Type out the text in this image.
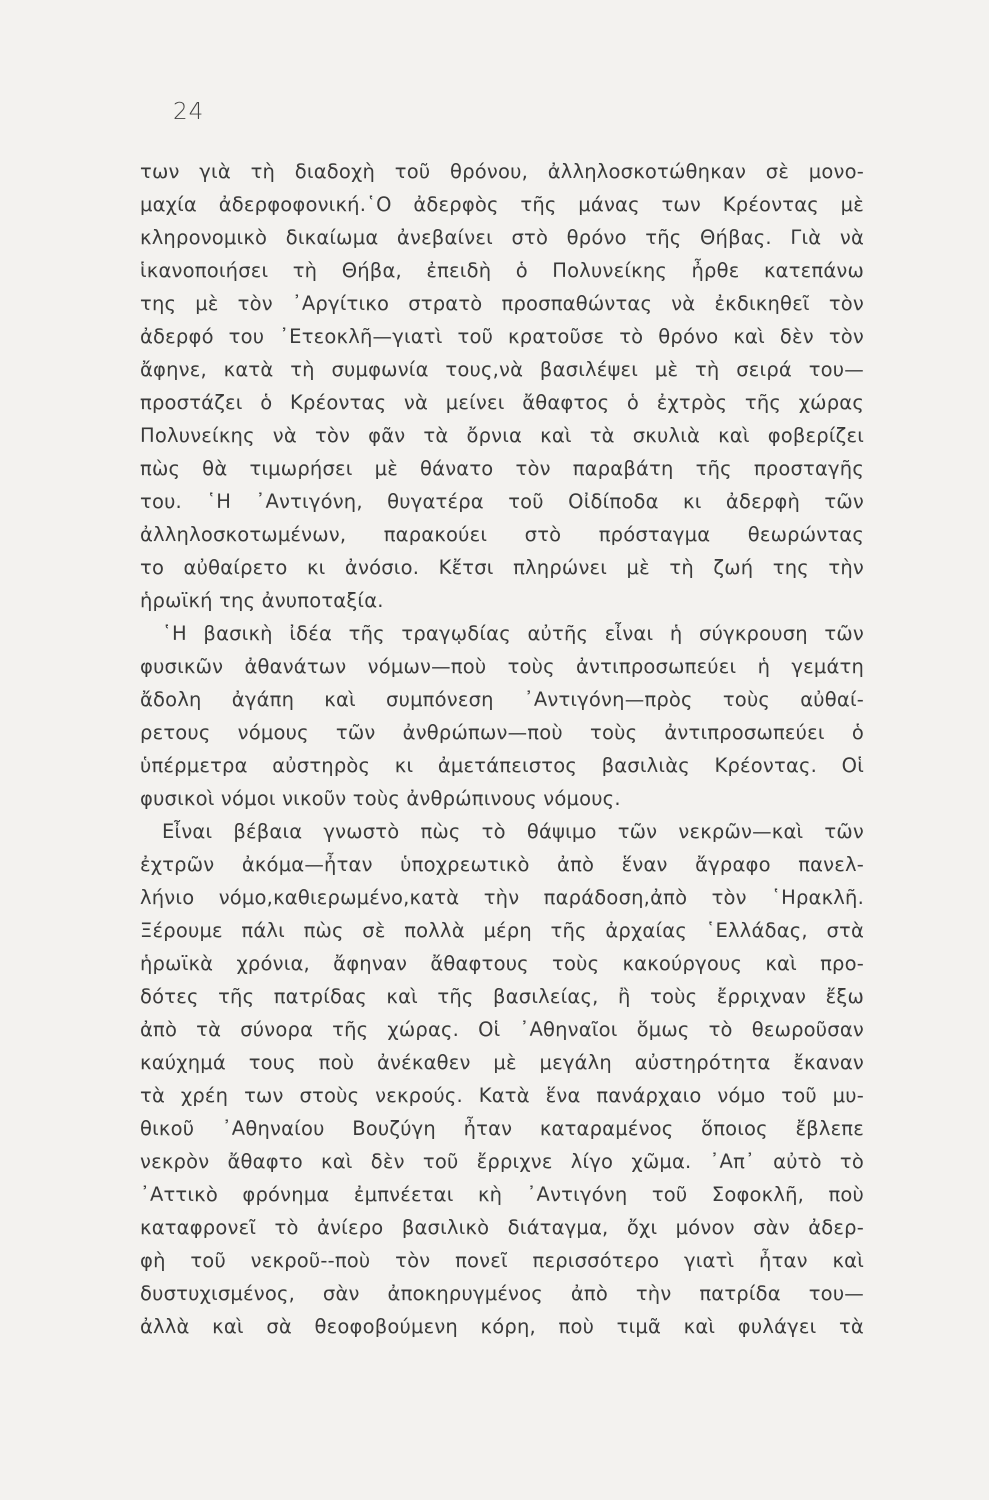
24
των γιὰ τὴ διαδοχὴ τοῦ θρόνου, ἀλληλοσκοτώθηκαν σὲ μονο-
μαχία ἀδερφοφονική.῾Ο ἀδερφὸς τῆς μάνας των Κρέοντας μὲ
κληρονομικὸ δικαίωμα ἀνεβαίνει στὸ θρόνο τῆς Θήβας. Γιὰ νὰ
ἱκανοποιήσει τὴ Θήβα, ἐπειδὴ ὁ Πολυνείκης ἦρθε κατεπάνω
της μὲ τὸν ᾿Αργίτικο στρατὸ προσπαθώντας νὰ ἐκδικηθεῖ τὸν
ἀδερφό του ᾿Ετεοκλῆ—γιατὶ τοῦ κρατοῦσε τὸ θρόνο καὶ δὲν τὸν
ἄφηνε, κατὰ τὴ συμφωνία τους,νὰ βασιλέψει μὲ τὴ σειρά του—
προστάζει ὁ Κρέοντας νὰ μείνει ἄθαφτος ὁ ἐχτρὸς τῆς χώρας
Πολυνείκης νὰ τὸν φᾶν τὰ ὄρνια καὶ τὰ σκυλιὰ καὶ φοβερίζει
πὼς θὰ τιμωρήσει μὲ θάνατο τὸν παραβάτη τῆς προσταγῆς
του. ῾Η ᾿Αντιγόνη, θυγατέρα τοῦ Οἰδίποδα κι ἀδερφὴ τῶν
ἀλληλοσκοτωμένων, παρακούει στὸ πρόσταγμα θεωρώντας
το αὐθαίρετο κι ἀνόσιο. Κἔτσι πληρώνει μὲ τὴ ζωή της τὴν
ἡρωϊκή της ἀνυποταξία.
῾Η βασικὴ ἰδέα τῆς τραγῳδίας αὐτῆς εἶναι ἡ σύγκρουση τῶν
φυσικῶν ἀθανάτων νόμων—ποὺ τοὺς ἀντιπροσωπεύει ἡ γεμάτη
ἄδολη ἀγάπη καὶ συμπόνεση ᾿Αντιγόνη—πρὸς τοὺς αὐθαί-
ρετους νόμους τῶν ἀνθρώπων—ποὺ τοὺς ἀντιπροσωπεύει ὁ
ὑπέρμετρα αὐστηρὸς κι ἀμετάπειστος βασιλιὰς Κρέοντας. Οἱ
φυσικοὶ νόμοι νικοῦν τοὺς ἀνθρώπινους νόμους.
Εἶναι βέβαια γνωστὸ πὼς τὸ θάψιμο τῶν νεκρῶν—καὶ τῶν
ἐχτρῶν ἀκόμα—ἦταν ὑποχρεωτικὸ ἀπὸ ἕναν ἄγραφο πανελ-
λήνιο νόμο,καθιερωμένο,κατὰ τὴν παράδοση,ἀπὸ τὸν ῾Ηρακλῆ.
Ξέρουμε πάλι πὼς σὲ πολλὰ μέρη τῆς ἀρχαίας ῾Ελλάδας, στὰ
ἡρωϊκὰ χρόνια, ἄφηναν ἄθαφτους τοὺς κακούργους καὶ προ-
δότες τῆς πατρίδας καὶ τῆς βασιλείας, ἢ τοὺς ἔρριχναν ἔξω
ἀπὸ τὰ σύνορα τῆς χώρας. Οἱ ᾿Αθηναῖοι ὅμως τὸ θεωροῦσαν
καύχημά τους ποὺ ἀνέκαθεν μὲ μεγάλη αὐστηρότητα ἔκαναν
τὰ χρέη των στοὺς νεκρούς. Κατὰ ἕνα πανάρχαιο νόμο τοῦ μυ-
θικοῦ ᾿Αθηναίου Βουζύγη ἦταν καταραμένος ὅποιος ἔβλεπε
νεκρὸν ἄθαφτο καὶ δὲν τοῦ ἔρριχνε λίγο χῶμα. ᾿Απ᾿ αὐτὸ τὸ
᾿Αττικὸ φρόνημα ἐμπνέεται κὴ ᾿Αντιγόνη τοῦ Σοφοκλῆ, ποὺ
καταφρονεῖ τὸ ἀνίερο βασιλικὸ διάταγμα, ὄχι μόνον σὰν ἀδερ-
φὴ τοῦ νεκροῦ--ποὺ τὸν πονεῖ περισσότερο γιατὶ ἦταν καὶ
δυστυχισμένος, σὰν ἀποκηρυγμένος ἀπὸ τὴν πατρίδα του—
ἀλλὰ καὶ σὰ θεοφοβούμενη κόρη, ποὺ τιμᾶ καὶ φυλάγει τὰ
